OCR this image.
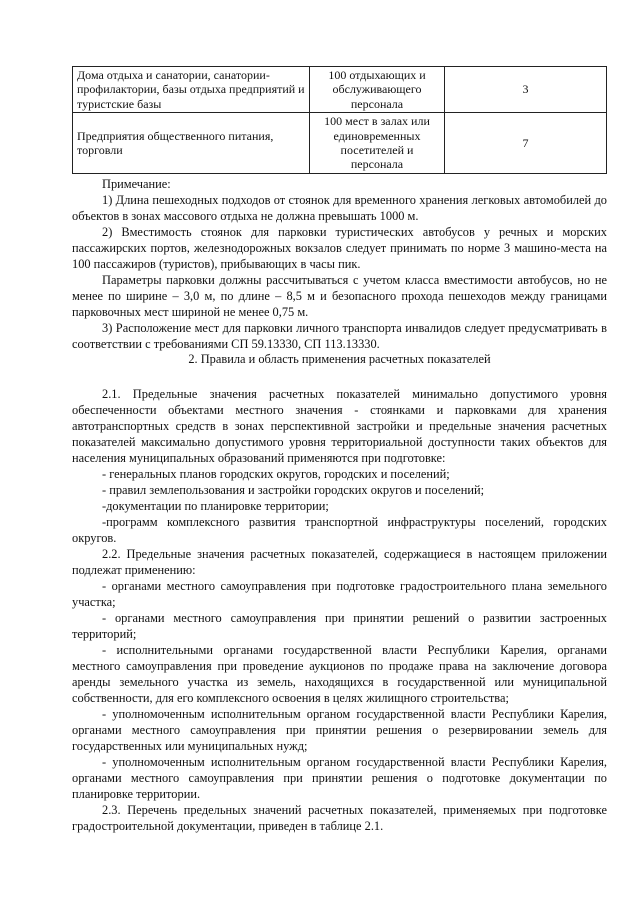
Дома отдыха и санатории, санатории-профилактории, базы отдыха предприятий и туристские базы	100 отдыхающих и обслуживающего персонала	3
Предприятия общественного питания, торговли	100 мест в залах или единовременных посетителей и персонала	7

Примечание:

1) Длина пешеходных подходов от стоянок для временного хранения легковых автомобилей до объектов в зонах массового отдыха не должна превышать 1000 м.

2) Вместимость стоянок для парковки туристических автобусов у речных и морских пассажирских портов, железнодорожных вокзалов следует принимать по норме 3 машино-места на 100 пассажиров (туристов), прибывающих в часы пик.

Параметры парковки должны рассчитываться с учетом класса вместимости автобусов, но не менее по ширине – 3,0 м, по длине – 8,5 м и безопасного прохода пешеходов между границами парковочных мест шириной не менее 0,75 м.

3) Расположение мест для парковки личного транспорта инвалидов следует предусматривать в соответствии с требованиями СП 59.13330, СП 113.13330.

2. Правила и область применения расчетных показателей

2.1. Предельные значения расчетных показателей минимально допустимого уровня обеспеченности объектами местного значения - стоянками и парковками для хранения автотранспортных средств в зонах перспективной застройки и предельные значения расчетных показателей максимально допустимого уровня территориальной доступности таких объектов для населения муниципальных образований применяются при подготовке:

- генеральных планов городских округов, городских и поселений;

- правил землепользования и застройки городских округов и поселений;

-документации по планировке территории;

-программ комплексного развития транспортной инфраструктуры поселений, городских округов.

2.2. Предельные значения расчетных показателей, содержащиеся в настоящем приложении подлежат применению:

- органами местного самоуправления при подготовке градостроительного плана земельного участка;

- органами местного самоуправления при принятии решений о развитии застроенных территорий;

- исполнительными органами государственной власти Республики Карелия, органами местного самоуправления при проведение аукционов по продаже права на заключение договора аренды земельного участка из земель, находящихся в государственной или муниципальной собственности, для его комплексного освоения в целях жилищного строительства;

- уполномоченным исполнительным органом государственной власти Республики Карелия, органами местного самоуправления при принятии решения о резервировании земель для государственных или муниципальных нужд;

- уполномоченным исполнительным органом государственной власти Республики Карелия, органами местного самоуправления при принятии решения о подготовке документации по планировке территории.

2.3. Перечень предельных значений расчетных показателей, применяемых при подготовке градостроительной документации, приведен в таблице 2.1.
